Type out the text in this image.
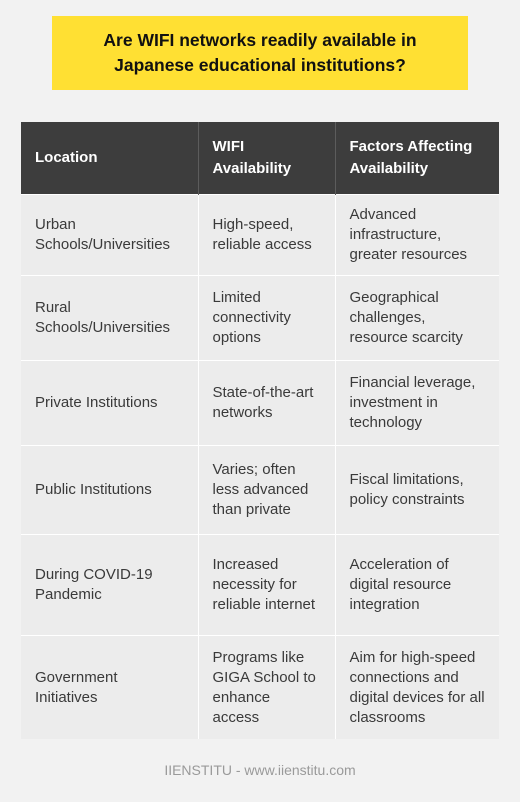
Are WIFI networks readily available in Japanese educational institutions?
Location	WIFI Availability	Factors Affecting Availability
Urban Schools/Universities	High-speed, reliable access	Advanced infrastructure, greater resources
Rural Schools/Universities	Limited connectivity options	Geographical challenges, resource scarcity
Private Institutions	State-of-the-art networks	Financial leverage, investment in technology
Public Institutions	Varies; often less advanced than private	Fiscal limitations, policy constraints
During COVID-19 Pandemic	Increased necessity for reliable internet	Acceleration of digital resource integration
Government Initiatives	Programs like GIGA School to enhance access	Aim for high-speed connections and digital devices for all classrooms
IIENSTITU - www.iienstitu.com
